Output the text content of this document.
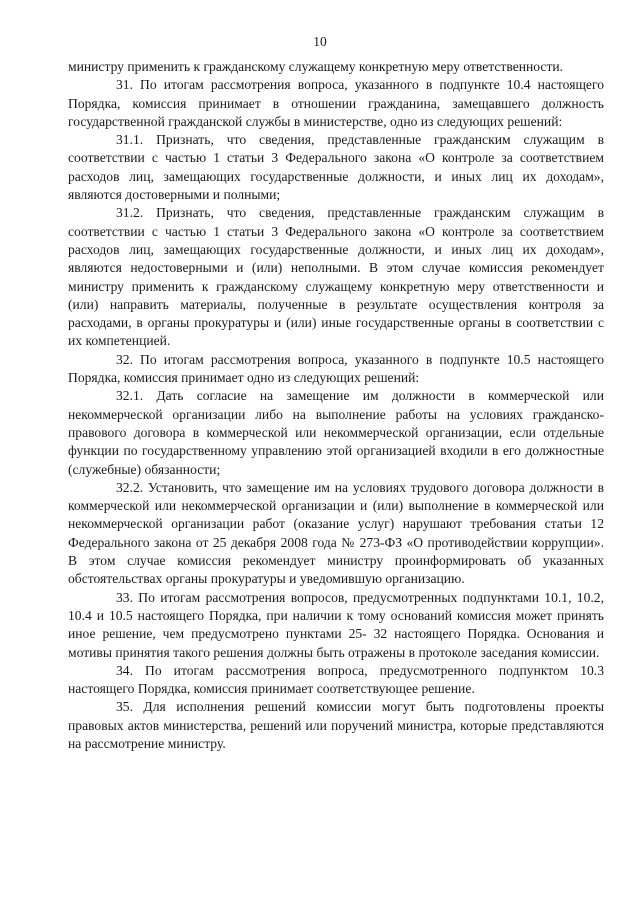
10

министру применить к гражданскому служащему конкретную меру ответственности.

31. По итогам рассмотрения вопроса, указанного в подпункте 10.4 настоящего Порядка, комиссия принимает в отношении гражданина, замещавшего должность государственной гражданской службы в министерстве, одно из следующих решений:

31.1. Признать, что сведения, представленные гражданским служащим в соответствии с частью 1 статьи 3 Федерального закона «О контроле за соответствием расходов лиц, замещающих государственные должности, и иных лиц их доходам», являются достоверными и полными;

31.2. Признать, что сведения, представленные гражданским служащим в соответствии с частью 1 статьи 3 Федерального закона «О контроле за соответствием расходов лиц, замещающих государственные должности, и иных лиц их доходам», являются недостоверными и (или) неполными. В этом случае комиссия рекомендует министру применить к гражданскому служащему конкретную меру ответственности и (или) направить материалы, полученные в результате осуществления контроля за расходами, в органы прокуратуры и (или) иные государственные органы в соответствии с их компетенцией.

32. По итогам рассмотрения вопроса, указанного в подпункте 10.5 настоящего Порядка, комиссия принимает одно из следующих решений:

32.1. Дать согласие на замещение им должности в коммерческой или некоммерческой организации либо на выполнение работы на условиях гражданско-правового договора в коммерческой или некоммерческой организации, если отдельные функции по государственному управлению этой организацией входили в его должностные (служебные) обязанности;

32.2. Установить, что замещение им на условиях трудового договора должности в коммерческой или некоммерческой организации и (или) выполнение в коммерческой или некоммерческой организации работ (оказание услуг) нарушают требования статьи 12 Федерального закона от 25 декабря 2008 года № 273-ФЗ «О противодействии коррупции». В этом случае комиссия рекомендует министру проинформировать об указанных обстоятельствах органы прокуратуры и уведомившую организацию.

33. По итогам рассмотрения вопросов, предусмотренных подпунктами 10.1, 10.2, 10.4 и 10.5 настоящего Порядка, при наличии к тому оснований комиссия может принять иное решение, чем предусмотрено пунктами 25- 32 настоящего Порядка. Основания и мотивы принятия такого решения должны быть отражены в протоколе заседания комиссии.

34. По итогам рассмотрения вопроса, предусмотренного подпунктом 10.3 настоящего Порядка, комиссия принимает соответствующее решение.

35. Для исполнения решений комиссии могут быть подготовлены проекты правовых актов министерства, решений или поручений министра, которые представляются на рассмотрение министру.
